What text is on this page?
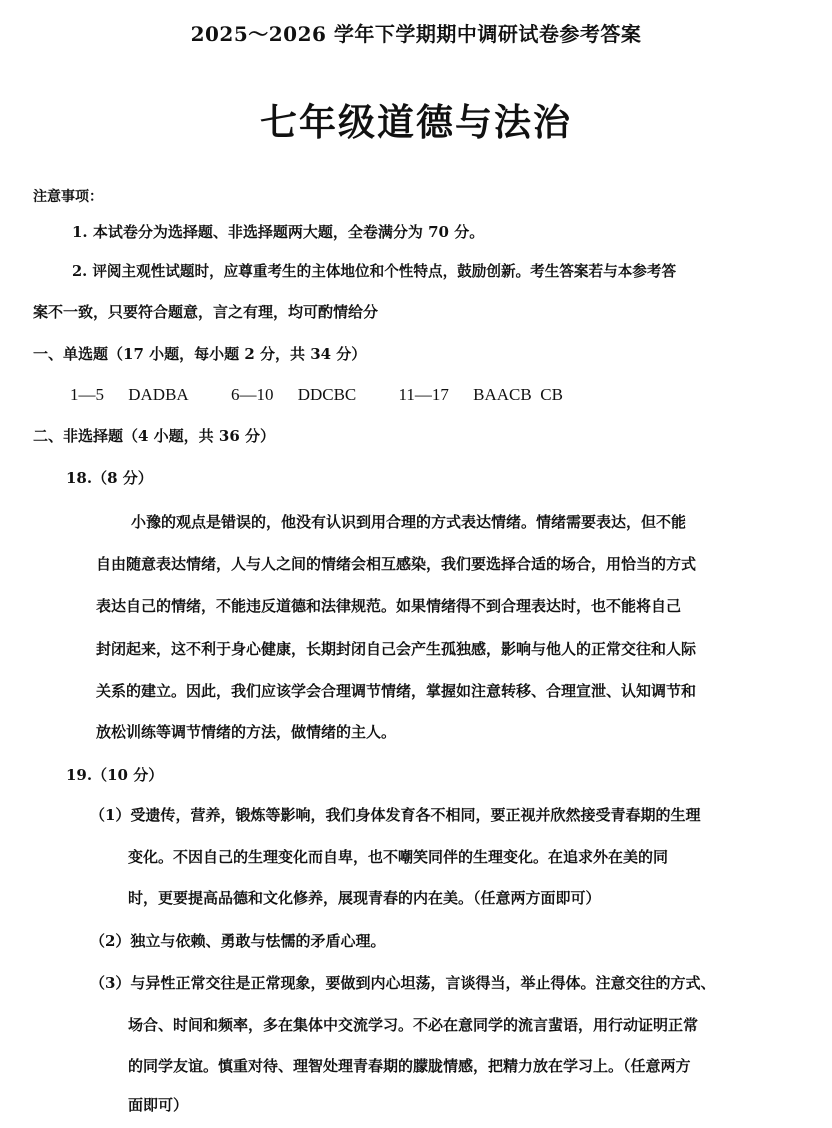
2025～2026 学年下学期期中调研试卷参考答案
七年级道德与法治
注意事项：
1. 本试卷分为选择题、非选择题两大题，全卷满分为 70 分。
2. 评阅主观性试题时，应尊重考生的主体地位和个性特点，鼓励创新。考生答案若与本参考答
案不一致，只要符合题意，言之有理，均可酌情给分
一、单选题（17 小题，每小题 2 分，共 34 分）
1—5 DADBA 6—10 DDCBC 11—17 BAACB  CB
二、非选择题（4 小题，共 36 分）
18.（8 分）
小豫的观点是错误的，他没有认识到用合理的方式表达情绪。情绪需要表达，但不能
自由随意表达情绪，人与人之间的情绪会相互感染，我们要选择合适的场合，用恰当的方式
表达自己的情绪，不能违反道德和法律规范。如果情绪得不到合理表达时，也不能将自己
封闭起来，这不利于身心健康，长期封闭自己会产生孤独感，影响与他人的正常交往和人际
关系的建立。因此，我们应该学会合理调节情绪，掌握如注意转移、合理宣泄、认知调节和
放松训练等调节情绪的方法，做情绪的主人。
19.（10 分）
（1）受遗传，营养，锻炼等影响，我们身体发育各不相同，要正视并欣然接受青春期的生理
变化。不因自己的生理变化而自卑，也不嘲笑同伴的生理变化。在追求外在美的同
时，更要提高品德和文化修养，展现青春的内在美。（任意两方面即可）
（2）独立与依赖、勇敢与怯懦的矛盾心理。
（3）与异性正常交往是正常现象，要做到内心坦荡，言谈得当，举止得体。注意交往的方式、
场合、时间和频率，多在集体中交流学习。不必在意同学的流言蜚语，用行动证明正常
的同学友谊。慎重对待、理智处理青春期的朦胧情感，把精力放在学习上。（任意两方
面即可）
